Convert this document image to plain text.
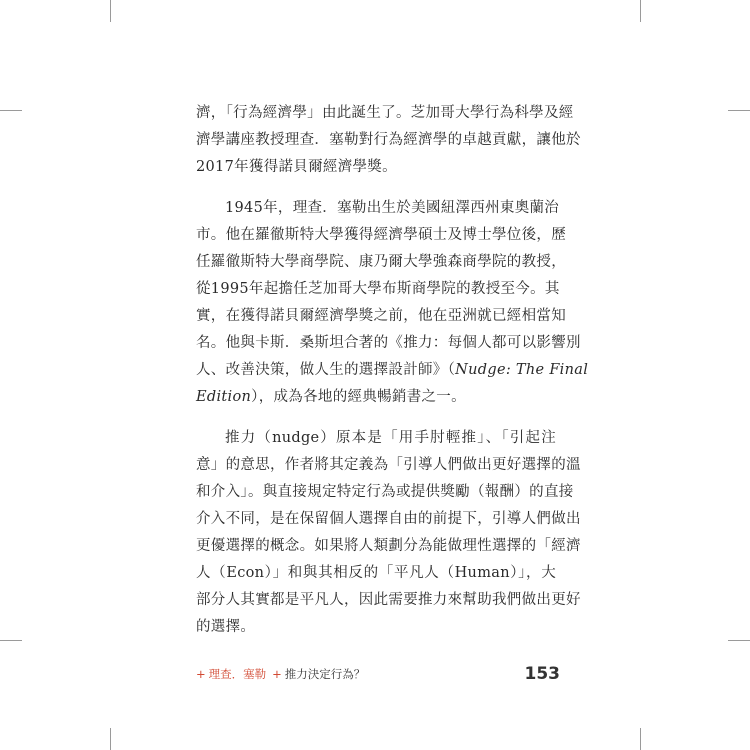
濟，「行為經濟學」由此誕生了。芝加哥大學行為科學及經
濟學講座教授理查．塞勒對行為經濟學的卓越貢獻，讓他於
2017年獲得諾貝爾經濟學獎。

1945年，理查．塞勒出生於美國紐澤西州東奧蘭治
市。他在羅徹斯特大學獲得經濟學碩士及博士學位後，歷
任羅徹斯特大學商學院、康乃爾大學強森商學院的教授，
從1995年起擔任芝加哥大學布斯商學院的教授至今。其
實，在獲得諾貝爾經濟學獎之前，他在亞洲就已經相當知
名。他與卡斯．桑斯坦合著的《推力：每個人都可以影響別
人、改善決策，做人生的選擇設計師》（Nudge: The Final
Edition），成為各地的經典暢銷書之一。

推力（nudge）原本是「用手肘輕推」、「引起注
意」的意思，作者將其定義為「引導人們做出更好選擇的溫
和介入」。與直接規定特定行為或提供獎勵（報酬）的直接
介入不同，是在保留個人選擇自由的前提下，引導人們做出
更優選擇的概念。如果將人類劃分為能做理性選擇的「經濟
人（Econ）」和與其相反的「平凡人（Human）」，大
部分人其實都是平凡人，因此需要推力來幫助我們做出更好
的選擇。

+ 理查．塞勒 + 推力決定行為？	153
